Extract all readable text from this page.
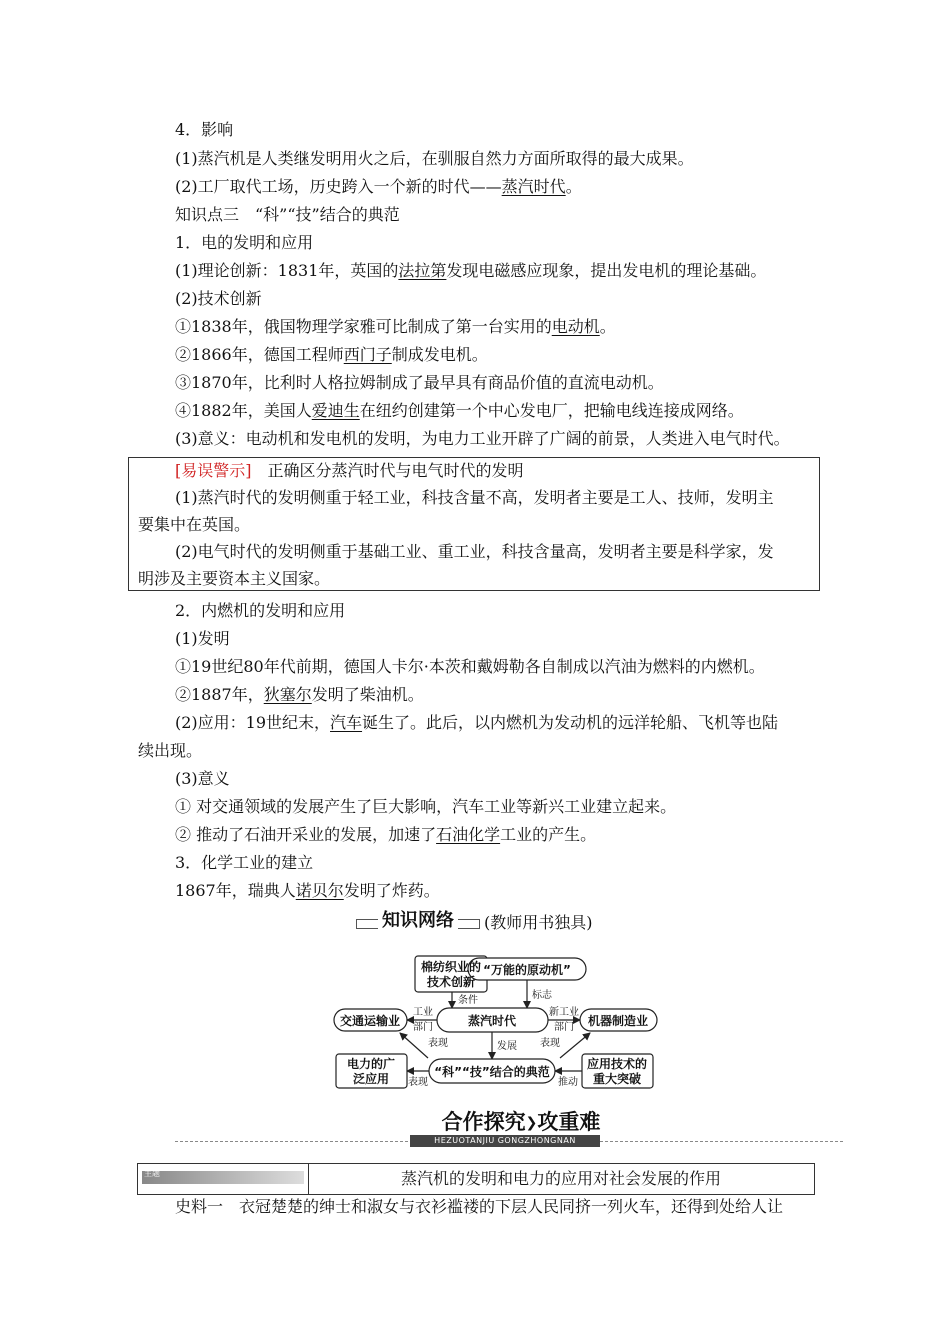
4．影响
(1)蒸汽机是人类继发明用火之后，在驯服自然力方面所取得的最大成果。
(2)工厂取代工场，历史跨入一个新的时代——蒸汽时代。
知识点三　“科”“技”结合的典范
1．电的发明和应用
(1)理论创新：1831年，英国的法拉第发现电磁感应现象，提出发电机的理论基础。
(2)技术创新
①1838年，俄国物理学家雅可比制成了第一台实用的电动机。
②1866年，德国工程师西门子制成发电机。
③1870年，比利时人格拉姆制成了最早具有商品价值的直流电动机。
④1882年，美国人爱迪生在纽约创建第一个中心发电厂，把输电线连接成网络。
(3)意义：电动机和发电机的发明，为电力工业开辟了广阔的前景，人类进入电气时代。
[易误警示]　正确区分蒸汽时代与电气时代的发明
(1)蒸汽时代的发明侧重于轻工业，科技含量不高，发明者主要是工人、技师，发明主
要集中在英国。
(2)电气时代的发明侧重于基础工业、重工业，科技含量高，发明者主要是科学家，发
明涉及主要资本主义国家。
2．内燃机的发明和应用
(1)发明
①19世纪80年代前期，德国人卡尔·本茨和戴姆勒各自制成以汽油为燃料的内燃机。
②1887年，狄塞尔发明了柴油机。
(2)应用：19世纪末，汽车诞生了。此后，以内燃机为发动机的远洋轮船、飞机等也陆
续出现。
(3)意义
① 对交通领域的发展产生了巨大影响，汽车工业等新兴工业建立起来。
② 推动了石油开采业的发展，加速了石油化学工业的产生。
3．化学工业的建立
1867年，瑞典人诺贝尔发明了炸药。
知识网络 (教师用书独具)
棉纺织业的
技术创新
“万能的原动机”
蒸汽时代
交通运输业	机器制造业
电力的广
泛应用	“科”“技”结合的典范
应用技术的
重大突破
条件	标志
工业
部门
新工业
部门
表现	表现
发展
表现	推动
合作探究❯攻重难
HEZUOTANJIU GONGZHONGNAN
主题	蒸汽机的发明和电力的应用对社会发展的作用
史料一　衣冠楚楚的绅士和淑女与衣衫褴褛的下层人民同挤一列火车，还得到处给人让
